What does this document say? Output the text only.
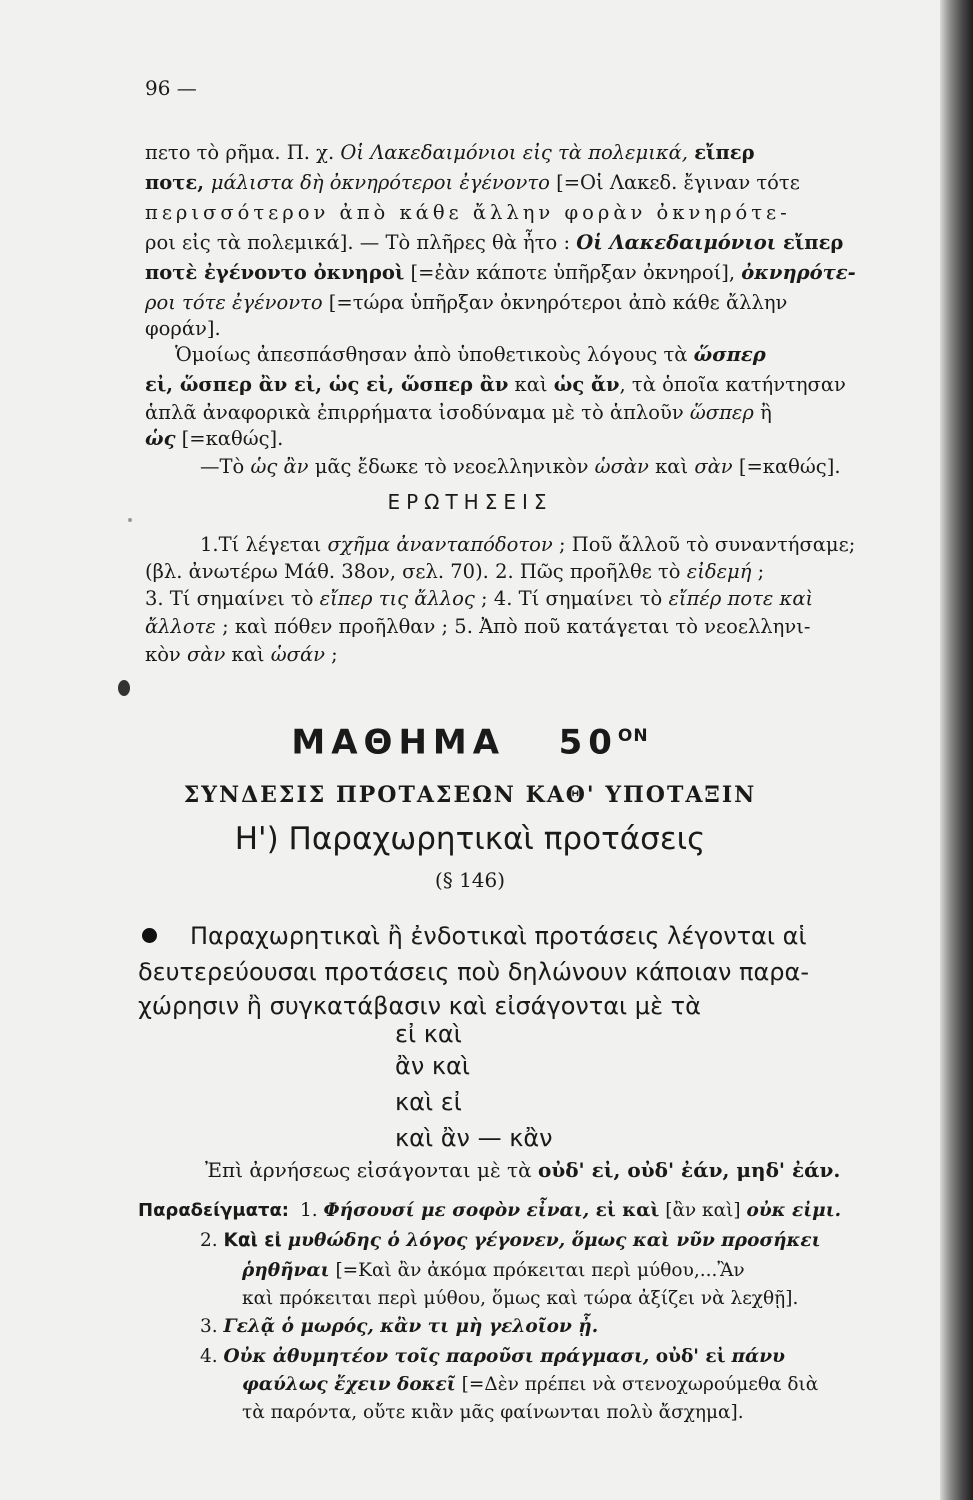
96 —
πετο τὸ ρῆμα. Π. χ. Οἱ Λακεδαιμόνιοι εἰς τὰ πολεμικά, εἴπερ
ποτε, μάλιστα δὴ ὀκνηρότεροι ἐγένοντο [=Οἱ Λακεδ. ἔγιναν τότε
περισσότερον ἀπὸ κάθε ἄλλην φορὰν ὀκνηρότε-
ροι εἰς τὰ πολεμικά]. — Τὸ πλῆρες θὰ ἦτο : Οἱ Λακεδαιμόνιοι εἴπερ
ποτὲ ἐγένοντο ὀκνηροὶ [=ἐὰν κάποτε ὑπῆρξαν ὀκνηροί], ὀκνηρότε-
ροι τότε ἐγένοντο [=τώρα ὑπῆρξαν ὀκνηρότεροι ἀπὸ κάθε ἄλλην
φοράν].
Ὁμοίως ἀπεσπάσθησαν ἀπὸ ὑποθετικοὺς λόγους τὰ ὥσπερ
εἰ, ὥσπερ ἂν εἰ, ὡς εἰ, ὥσπερ ἂν καὶ ὡς ἄν, τὰ ὁποῖα κατήντησαν
ἁπλᾶ ἀναφορικὰ ἐπιρρήματα ἰσοδύναμα μὲ τὸ ἁπλοῦν ὥσπερ ἢ
ὡς [=καθώς].
—Τὸ ὡς ἂν μᾶς ἔδωκε τὸ νεοελληνικὸν ὡσὰν καὶ σὰν [=καθώς].
ΕΡΩΤΗΣΕΙΣ
1.Τί λέγεται σχῆμα ἀνανταπόδοτον ; Ποῦ ἄλλοῦ τὸ συναντήσαμε;
(βλ. ἀνωτέρω Μάθ. 38ον, σελ. 70). 2. Πῶς προῆλθε τὸ εἰδεμή ;
3. Τί σημαίνει τὸ εἴπερ τις ἄλλος ; 4. Τί σημαίνει τὸ εἴπέρ ποτε καὶ
ἄλλοτε ; καὶ πόθεν προῆλθαν ; 5. Ἀπὸ ποῦ κατάγεται τὸ νεοελληνι-
κὸν σὰν καὶ ὡσάν ;
ΜΑΘΗΜΑ $50^{ON}$
ΣΥΝΔΕΣΙΣ ΠΡΟΤΑΣΕΩΝ ΚΑΘ' ΥΠΟΤΑΞΙΝ
Η') Παραχωρητικαὶ προτάσεις
(§ 146)
Παραχωρητικαὶ ἢ ἐνδοτικαὶ προτάσεις λέγονται αἱ
δευτερεύουσαι προτάσεις ποὺ δηλώνουν κάποιαν παρα-
χώρησιν ἢ συγκατάβασιν καὶ εἰσάγονται μὲ τὰ
εἰ καὶ
ἂν καὶ
καὶ εἰ
καὶ ἂν — κἂν
Ἐπὶ ἀρνήσεως εἰσάγονται μὲ τὰ οὐδ' εἰ, οὐδ' ἐάν, μηδ' ἐάν.
Παραδείγματα: 1. Φήσουσί με σοφὸν εἶναι, εἰ καὶ [ἂν καὶ] οὐκ εἰμι.
2. Καὶ εἰ μυθώδης ὁ λόγος γέγονεν, ὅμως καὶ νῦν προσήκει
ῥηθῆναι [=Καὶ ἂν ἀκόμα πρόκειται περὶ μύθου,...Ἂν
καὶ πρόκειται περὶ μύθου, ὅμως καὶ τώρα ἀξίζει νὰ λεχθῇ].
3. Γελᾷ ὁ μωρός, κἂν τι μὴ γελοῖον ᾖ.
4. Οὐκ ἀθυμητέον τοῖς παροῦσι πράγμασι, οὐδ' εἰ πάνυ
φαύλως ἔχειν δοκεῖ [=Δὲν πρέπει νὰ στενοχωρούμεθα διὰ
τὰ παρόντα, οὔτε κιἂν μᾶς φαίνωνται πολὺ ἄσχημα].
